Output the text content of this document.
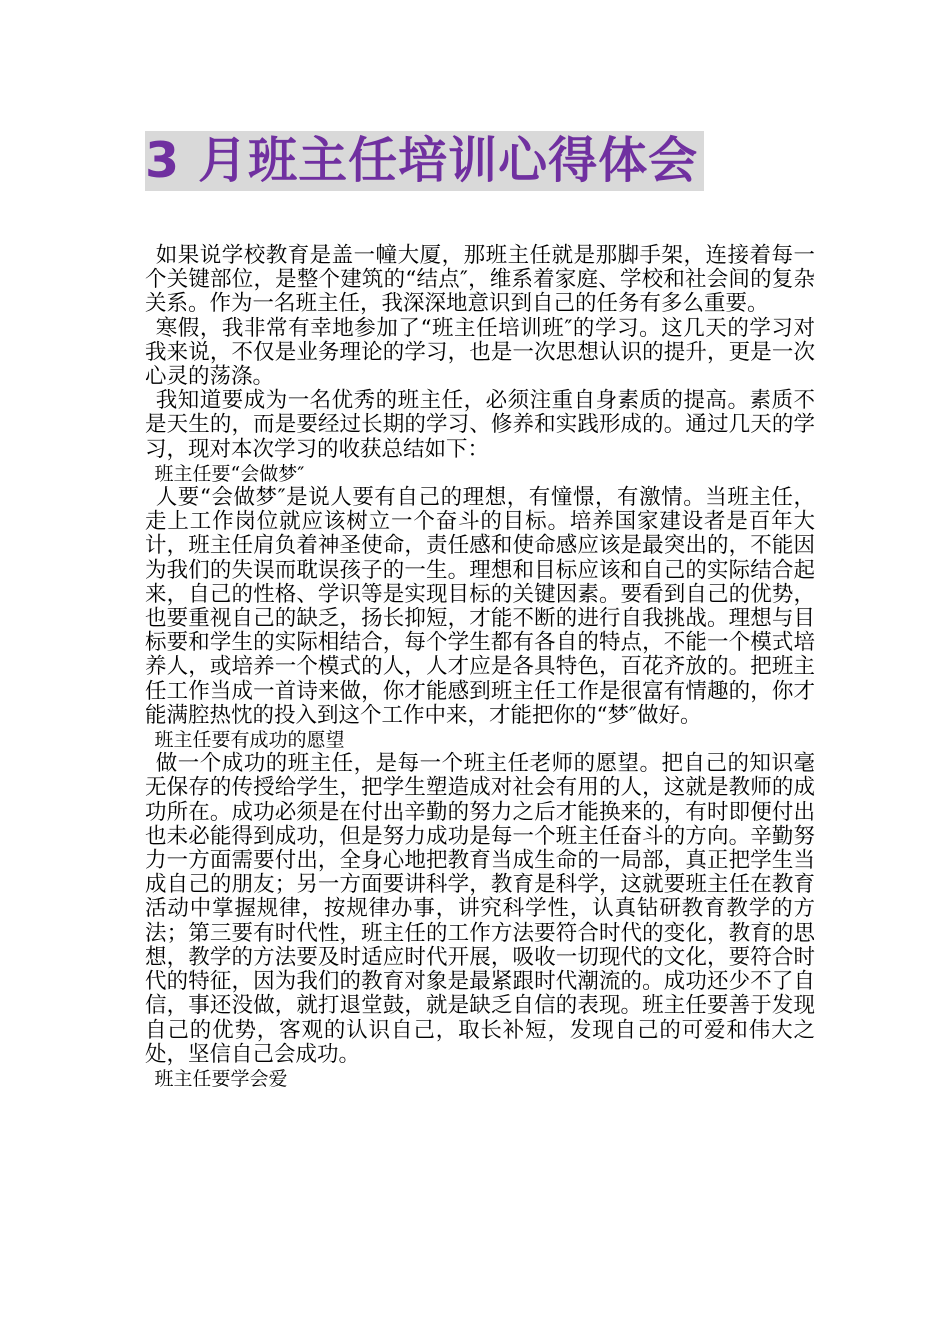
3 月班主任培训心得体会

如果说学校教育是盖一幢大厦，那班主任就是那脚手架，连接着每一个关键部位，是整个建筑的“结点″，维系着家庭、学校和社会间的复杂关系。作为一名班主任，我深深地意识到自己的任务有多么重要。

寒假，我非常有幸地参加了“班主任培训班″的学习。这几天的学习对我来说，不仅是业务理论的学习，也是一次思想认识的提升，更是一次心灵的荡涤。

我知道要成为一名优秀的班主任，必须注重自身素质的提高。素质不是天生的，而是要经过长期的学习、修养和实践形成的。通过几天的学习，现对本次学习的收获总结如下：

班主任要“会做梦″

人要“会做梦″是说人要有自己的理想，有憧憬，有激情。当班主任，走上工作岗位就应该树立一个奋斗的目标。培养国家建设者是百年大计，班主任肩负着神圣使命，责任感和使命感应该是最突出的，不能因为我们的失误而耽误孩子的一生。理想和目标应该和自己的实际结合起来，自己的性格、学识等是实现目标的关键因素。要看到自己的优势，也要重视自己的缺乏，扬长抑短，才能不断的进行自我挑战。理想与目标要和学生的实际相结合，每个学生都有各自的特点，不能一个模式培养人，或培养一个模式的人，人才应是各具特色，百花齐放的。把班主任工作当成一首诗来做，你才能感到班主任工作是很富有情趣的，你才能满腔热忱的投入到这个工作中来，才能把你的“梦″做好。

班主任要有成功的愿望

做一个成功的班主任，是每一个班主任老师的愿望。把自己的知识毫无保存的传授给学生，把学生塑造成对社会有用的人，这就是教师的成功所在。成功必须是在付出辛勤的努力之后才能换来的，有时即便付出也未必能得到成功，但是努力成功是每一个班主任奋斗的方向。辛勤努力一方面需要付出，全身心地把教育当成生命的一局部，真正把学生当成自己的朋友；另一方面要讲科学，教育是科学，这就要班主任在教育活动中掌握规律，按规律办事，讲究科学性，认真钻研教育教学的方法；第三要有时代性，班主任的工作方法要符合时代的变化，教育的思想，教学的方法要及时适应时代开展，吸收一切现代的文化，要符合时代的特征，因为我们的教育对象是最紧跟时代潮流的。成功还少不了自信，事还没做，就打退堂鼓，就是缺乏自信的表现。班主任要善于发现自己的优势，客观的认识自己，取长补短，发现自己的可爱和伟大之处，坚信自己会成功。

班主任要学会爱
